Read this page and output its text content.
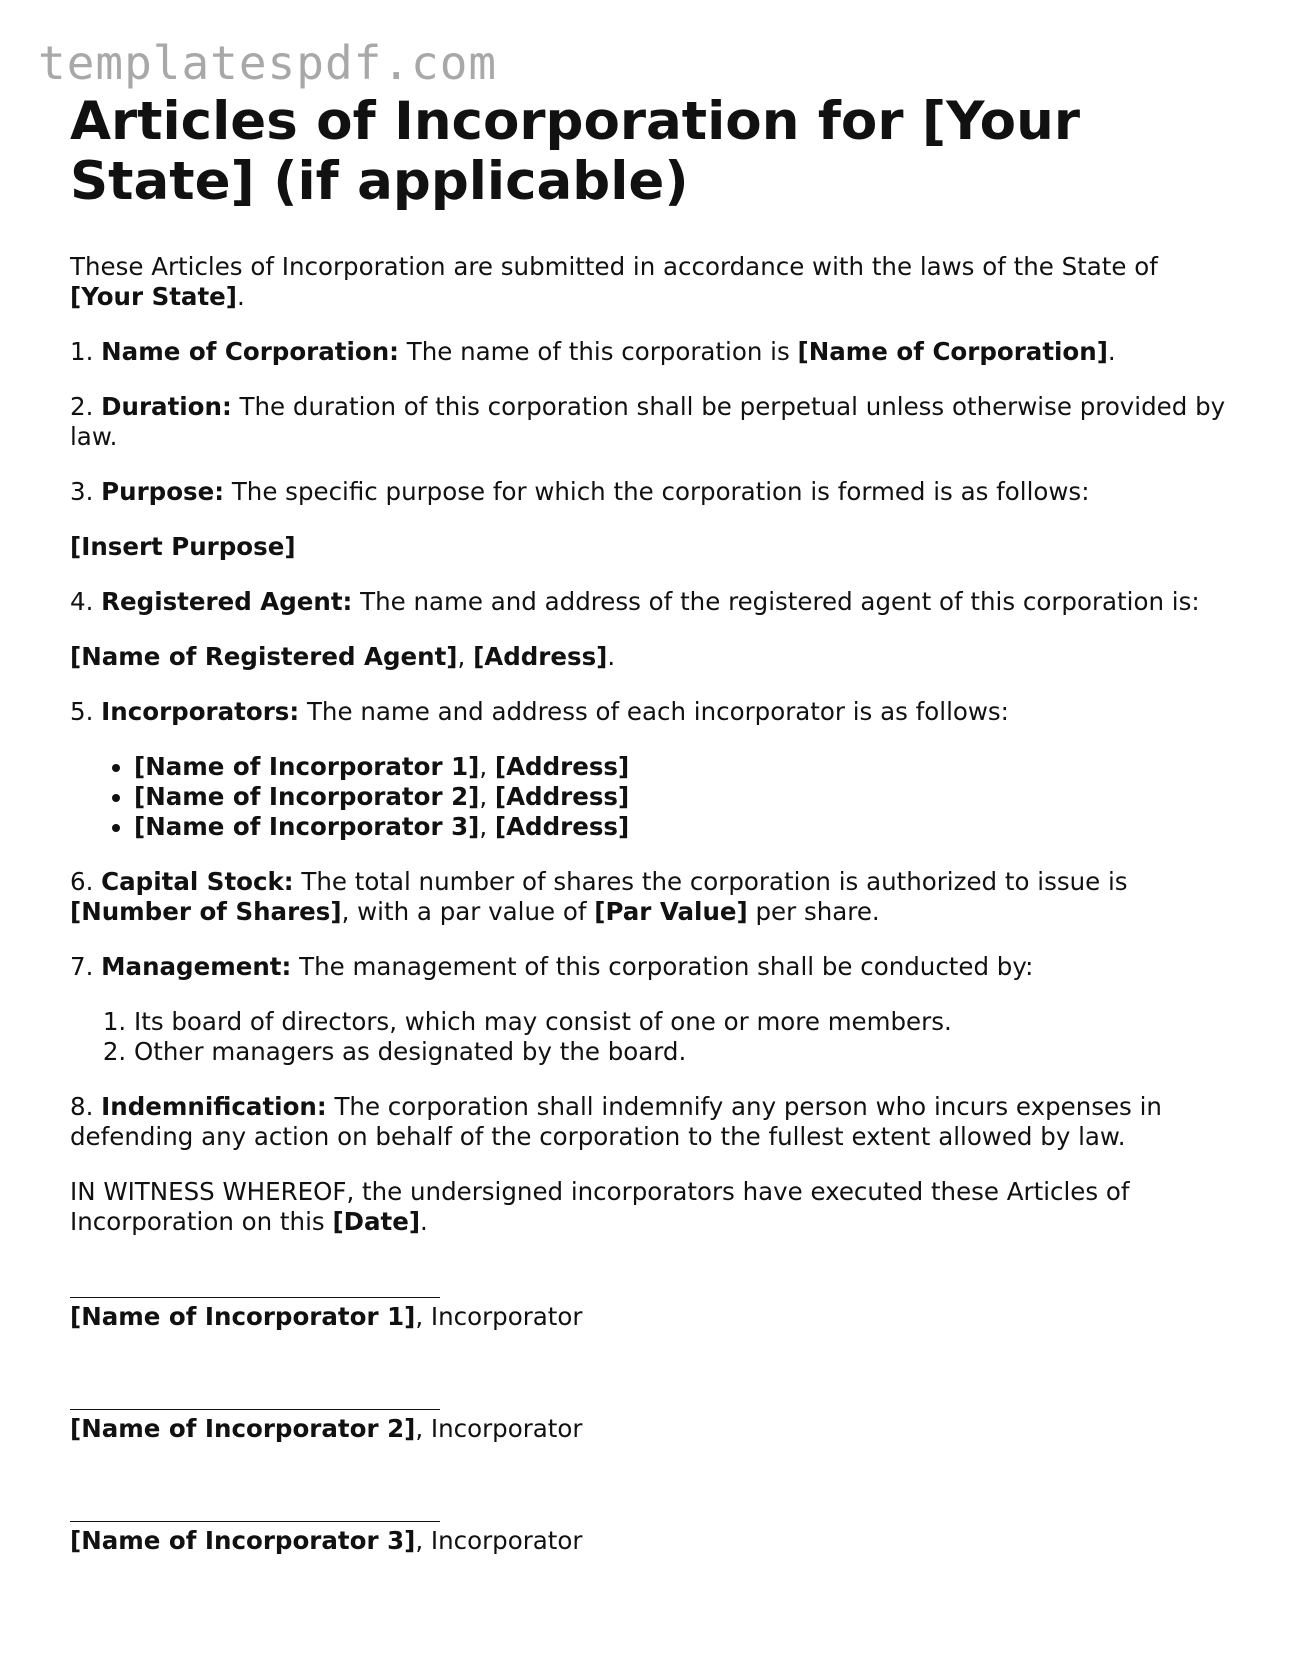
templatespdf.com
Articles of Incorporation for [Your State] (if applicable)

These Articles of Incorporation are submitted in accordance with the laws of the State of [Your State].

1. Name of Corporation: The name of this corporation is [Name of Corporation].

2. Duration: The duration of this corporation shall be perpetual unless otherwise provided by law.

3. Purpose: The specific purpose for which the corporation is formed is as follows:

[Insert Purpose]

4. Registered Agent: The name and address of the registered agent of this corporation is:

[Name of Registered Agent], [Address].

5. Incorporators: The name and address of each incorporator is as follows:

• [Name of Incorporator 1], [Address]
• [Name of Incorporator 2], [Address]
• [Name of Incorporator 3], [Address]

6. Capital Stock: The total number of shares the corporation is authorized to issue is [Number of Shares], with a par value of [Par Value] per share.

7. Management: The management of this corporation shall be conducted by:

1. Its board of directors, which may consist of one or more members.
2. Other managers as designated by the board.

8. Indemnification: The corporation shall indemnify any person who incurs expenses in defending any action on behalf of the corporation to the fullest extent allowed by law.

IN WITNESS WHEREOF, the undersigned incorporators have executed these Articles of Incorporation on this [Date].

[Name of Incorporator 1], Incorporator
[Name of Incorporator 2], Incorporator
[Name of Incorporator 3], Incorporator
